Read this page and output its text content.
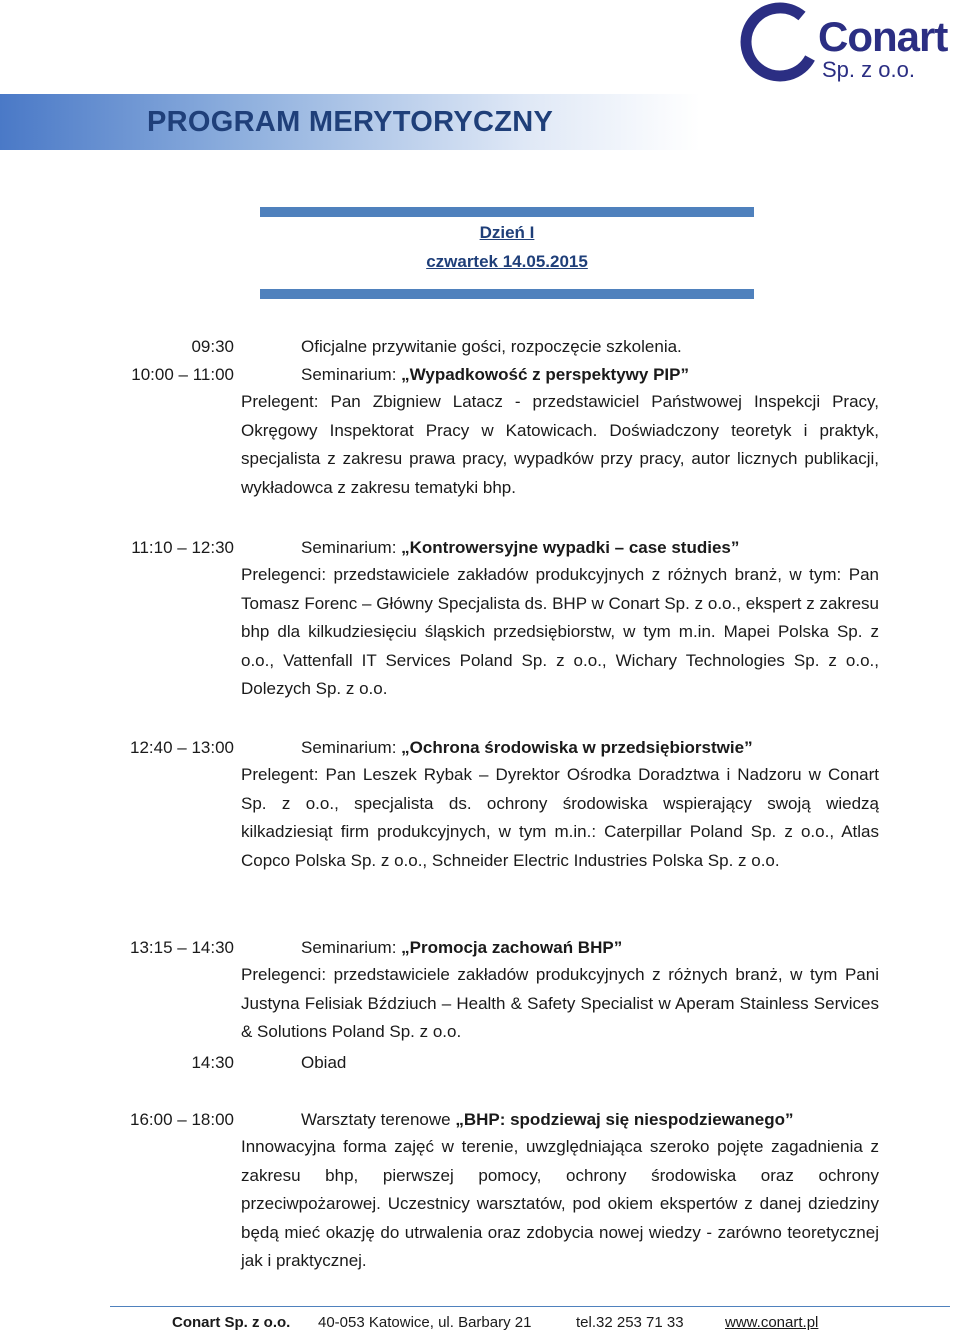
Conart
Sp. z o.o.
PROGRAM MERYTORYCZNY
Dzień I
czwartek 14.05.2015
09:30	Oficjalne przywitanie gości, rozpoczęcie szkolenia.
10:00 – 11:00	Seminarium: „Wypadkowość z perspektywy PIP”
Prelegent: Pan Zbigniew Latacz - przedstawiciel Państwowej Inspekcji Pracy, Okręgowy Inspektorat Pracy w Katowicach. Doświadczony teoretyk i praktyk, specjalista z zakresu prawa pracy, wypadków przy pracy, autor licznych publikacji, wykładowca z zakresu tematyki bhp.
11:10 – 12:30	Seminarium: „Kontrowersyjne wypadki – case studies”
Prelegenci: przedstawiciele zakładów produkcyjnych z różnych branż, w tym: Pan Tomasz Forenc – Główny Specjalista ds. BHP w Conart Sp. z o.o., ekspert z zakresu bhp dla kilkudziesięciu śląskich przedsiębiorstw, w tym m.in. Mapei Polska Sp. z o.o., Vattenfall IT Services Poland Sp. z o.o., Wichary Technologies Sp. z o.o., Dolezych Sp. z o.o.
12:40 – 13:00	Seminarium: „Ochrona środowiska w przedsiębiorstwie”
Prelegent: Pan Leszek Rybak – Dyrektor Ośrodka Doradztwa i Nadzoru w Conart Sp. z o.o., specjalista ds. ochrony środowiska wspierający swoją wiedzą kilkadziesiąt firm produkcyjnych, w tym m.in.: Caterpillar Poland Sp. z o.o., Atlas Copco Polska Sp. z o.o., Schneider Electric Industries Polska Sp. z o.o.
13:15 – 14:30	Seminarium: „Promocja zachowań BHP”
Prelegenci: przedstawiciele zakładów produkcyjnych z różnych branż, w tym Pani Justyna Felisiak Bździuch – Health & Safety Specialist w Aperam Stainless Services & Solutions Poland Sp. z o.o.
14:30	Obiad
16:00 – 18:00	Warsztaty terenowe „BHP: spodziewaj się niespodziewanego”
Innowacyjna forma zajęć w terenie, uwzględniająca szeroko pojęte zagadnienia z zakresu bhp, pierwszej pomocy, ochrony środowiska oraz ochrony przeciwpożarowej. Uczestnicy warsztatów, pod okiem ekspertów z danej dziedziny będą mieć okazję do utrwalenia oraz zdobycia nowej wiedzy - zarówno teoretycznej jak i praktycznej.
Conart Sp. z o.o. 40-053 Katowice, ul. Barbary 21	tel.32 253 71 33	www.conart.pl
